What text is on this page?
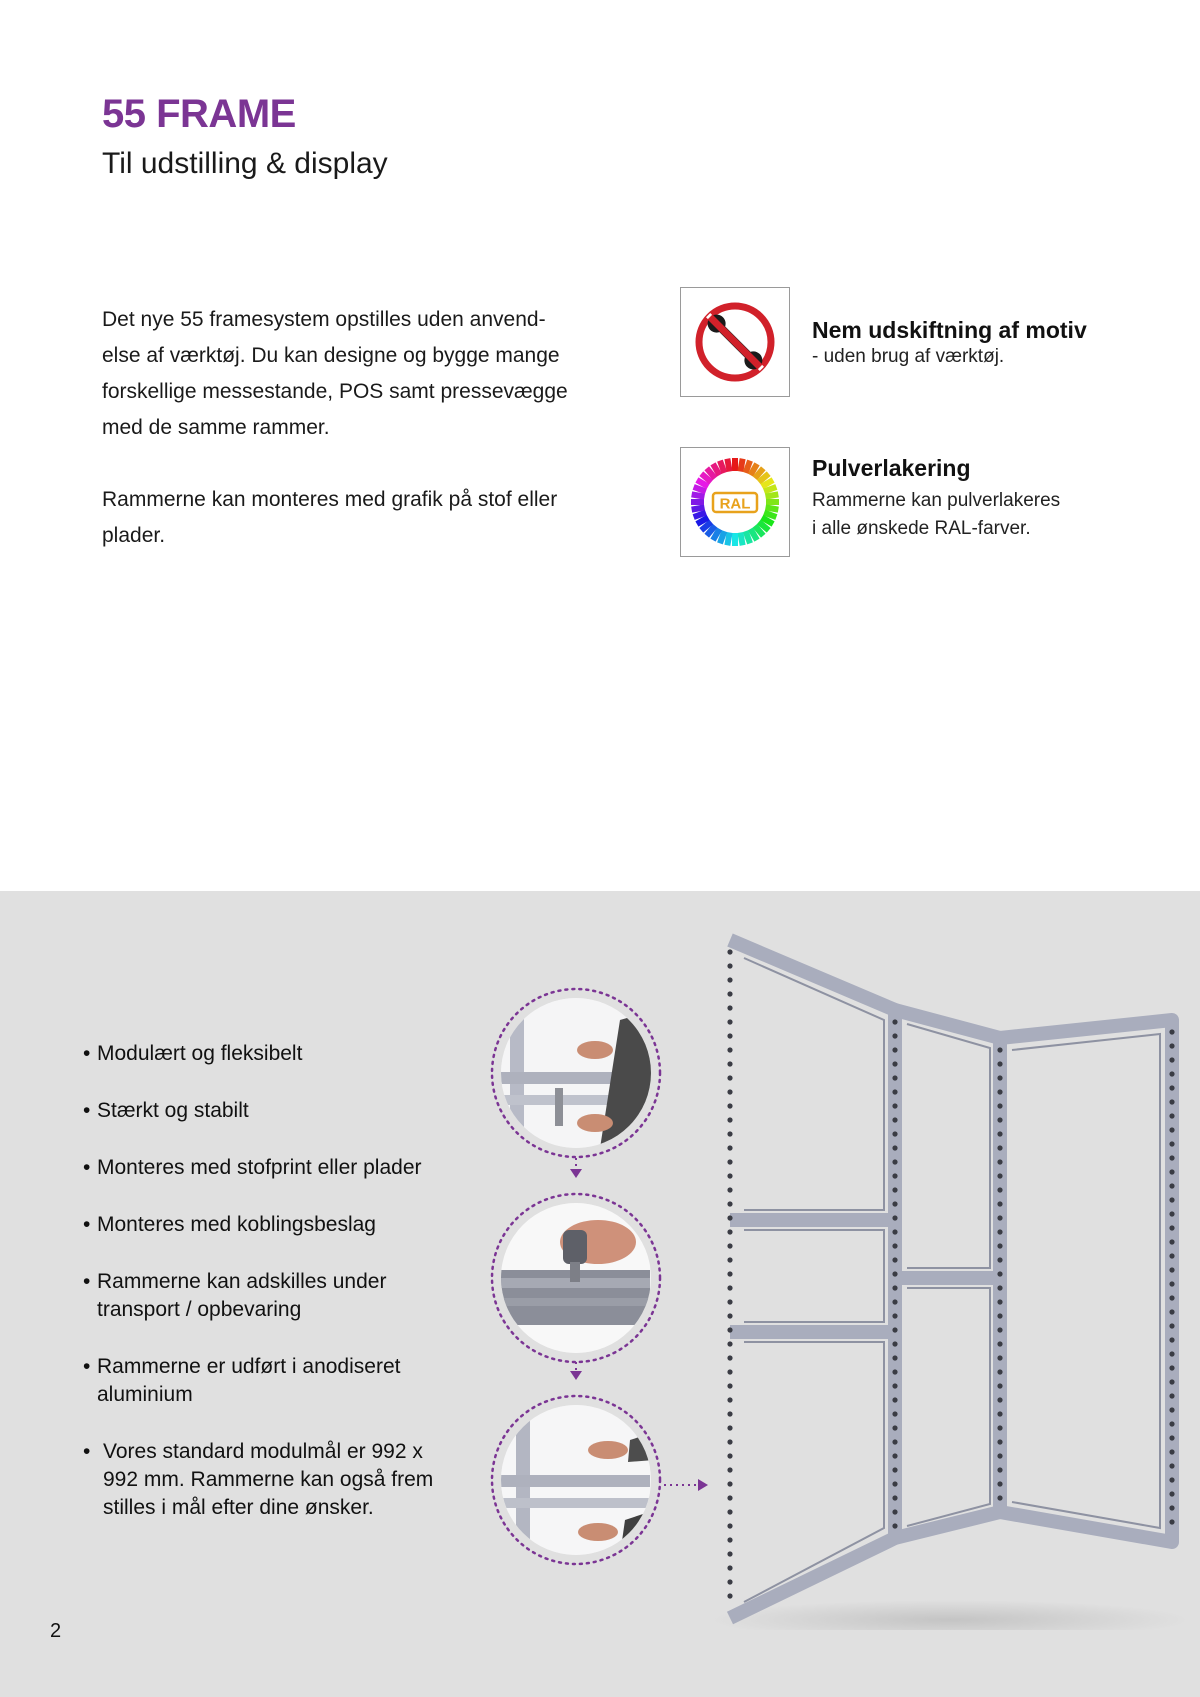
55 FRAME
Til udstilling & display

Det nye 55 framesystem opstilles uden anvend-
else af værktøj. Du kan designe og bygge mange
forskellige messestande, POS samt pressevægge
med de samme rammer.

Rammerne kan monteres med grafik på stof eller
plader.

Nem udskiftning af motiv
- uden brug af værktøj.
RAL
Pulverlakering
Rammerne kan pulverlakeres
i alle ønskede RAL-farver.
• Modulært og fleksibelt
• Stærkt og stabilt
• Monteres med stofprint eller plader
• Monteres med koblingsbeslag
• Rammerne kan adskilles under
transport / opbevaring
• Rammerne er udført i anodiseret
aluminium
• Vores standard modulmål er 992 x
992 mm. Rammerne kan også frem
stilles i mål efter dine ønsker.
2
